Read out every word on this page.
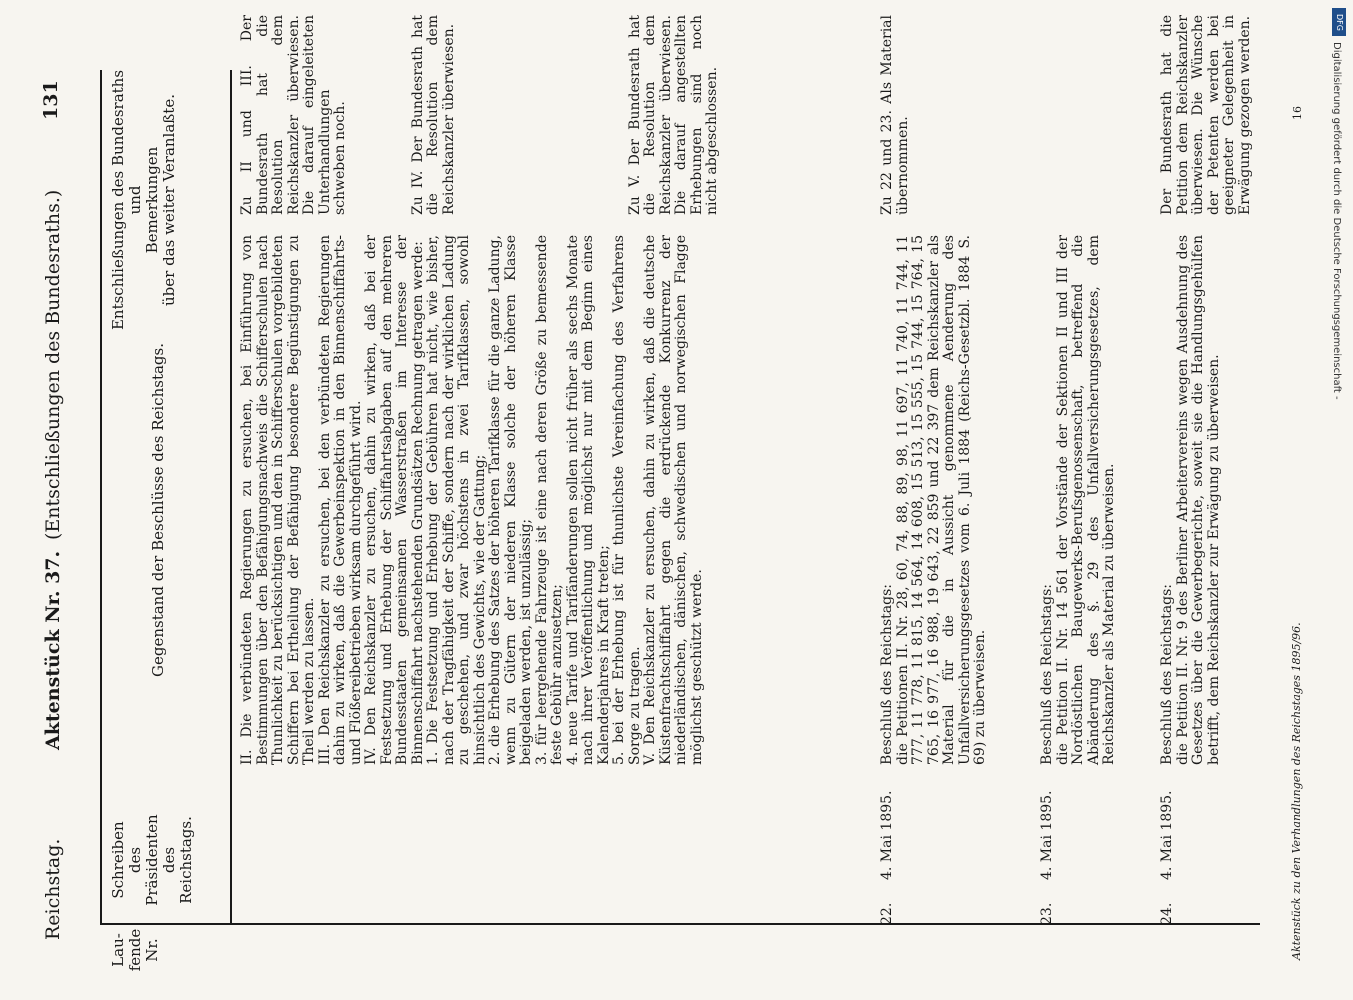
Reichstag.
Aktenstück Nr. 37.
(Entschließungen des Bundesraths.)
131
Lau-
fende
Nr.
Schreiben
des
Präsidenten
des
Reichstags.
Gegenstand der Beschlüsse des Reichstags.
Entschließungen des Bundesraths
und
Bemerkungen
über das weiter Veranlaßte.
II. Die verbündeten Regierungen zu ersuchen, bei Einführung von Bestimmungen über den Befähigungsnachweis die Schifferschulen nach Thunlichkeit zu berücksichtigen und den in Schifferschulen vorgebildeten Schiffern bei Ertheilung der Befähigung besondere Begünstigungen zu Theil werden zu lassen.
III. Den Reichskanzler zu ersuchen, bei den verbündeten Regierungen dahin zu wirken, daß die Gewerbeinspektion in den Binnenschiffahrts- und Flößereibetrieben wirksam durchgeführt wird.
IV. Den Reichskanzler zu ersuchen, dahin zu wirken, daß bei der Festsetzung und Erhebung der Schiffahrtsabgaben auf den mehreren Bundesstaaten gemeinsamen Wasserstraßen im Interesse der Binnenschiffahrt nachstehenden Grundsätzen Rechnung getragen werde:
1. Die Festsetzung und Erhebung der Gebühren hat nicht, wie bisher, nach der Tragfähigkeit der Schiffe, sondern nach der wirklichen Ladung zu geschehen, und zwar höchstens in zwei Tarifklassen, sowohl hinsichtlich des Gewichts, wie der Gattung;
2. die Erhebung des Satzes der höheren Tarifklasse für die ganze Ladung, wenn zu Gütern der niederen Klasse solche der höheren Klasse beigeladen werden, ist unzulässig;
3. für leergehende Fahrzeuge ist eine nach deren Größe zu bemessende feste Gebühr anzusetzen;
4. neue Tarife und Tarifänderungen sollen nicht früher als sechs Monate nach ihrer Veröffentlichung und möglichst nur mit dem Beginn eines Kalenderjahres in Kraft treten;
5. bei der Erhebung ist für thunlichste Vereinfachung des Verfahrens Sorge zu tragen.
V. Den Reichskanzler zu ersuchen, dahin zu wirken, daß die deutsche Küstenfrachtschiffahrt gegen die erdrückende Konkurrenz der niederländischen, dänischen, schwedischen und norwegischen Flagge möglichst geschützt werde.
Zu II und III. Der Bundesrath hat die Resolution dem Reichskanzler überwiesen. Die darauf eingeleiteten Unterhandlungen schweben noch.

Zu IV. Der Bundesrath hat die Resolution dem Reichskanzler überwiesen.

Zu V. Der Bundesrath hat die Resolution dem Reichskanzler überwiesen. Die darauf angestellten Erhebungen sind noch nicht abgeschlossen.
22.
4. Mai 1895.
Beschluß des Reichstags:
die Petitionen II. Nr. 28, 60, 74, 88, 89, 98, 11 697, 11 740, 11 744, 11 777, 11 778, 11 815, 14 564, 14 608, 15 513, 15 555, 15 744, 15 764, 15 765, 16 977, 16 988, 19 643, 22 859 und 22 397 dem Reichskanzler als Material für die in Aussicht genommene Aenderung des Unfallversicherungsgesetzes vom 6. Juli 1884 (Reichs-Gesetzbl. 1884 S. 69) zu überweisen.
Zu 22 und 23. Als Material übernommen.
23.
4. Mai 1895.
Beschluß des Reichstags:
die Petition II. Nr. 14 561 der Vorstände der Sektionen II und III der Nordöstlichen Baugewerks-Berufsgenossenschaft, betreffend die Abänderung des §. 29 des Unfallversicherungsgesetzes, dem Reichskanzler als Material zu überweisen.
24.
4. Mai 1895.
Beschluß des Reichstags:
die Petition II. Nr. 9 des Berliner Arbeitervereins wegen Ausdehnung des Gesetzes über die Gewerbegerichte, soweit sie die Handlungsgehülfen betrifft, dem Reichskanzler zur Erwägung zu überweisen.
Der Bundesrath hat die Petition dem Reichskanzler überwiesen. Die Wünsche der Petenten werden bei geeigneter Gelegenheit in Erwägung gezogen werden.
Aktenstück zu den Verhandlungen des Reichstages 1895/96.
16
DFG
Digitalisierung gefördert durch die Deutsche Forschungsgemeinschaft -
